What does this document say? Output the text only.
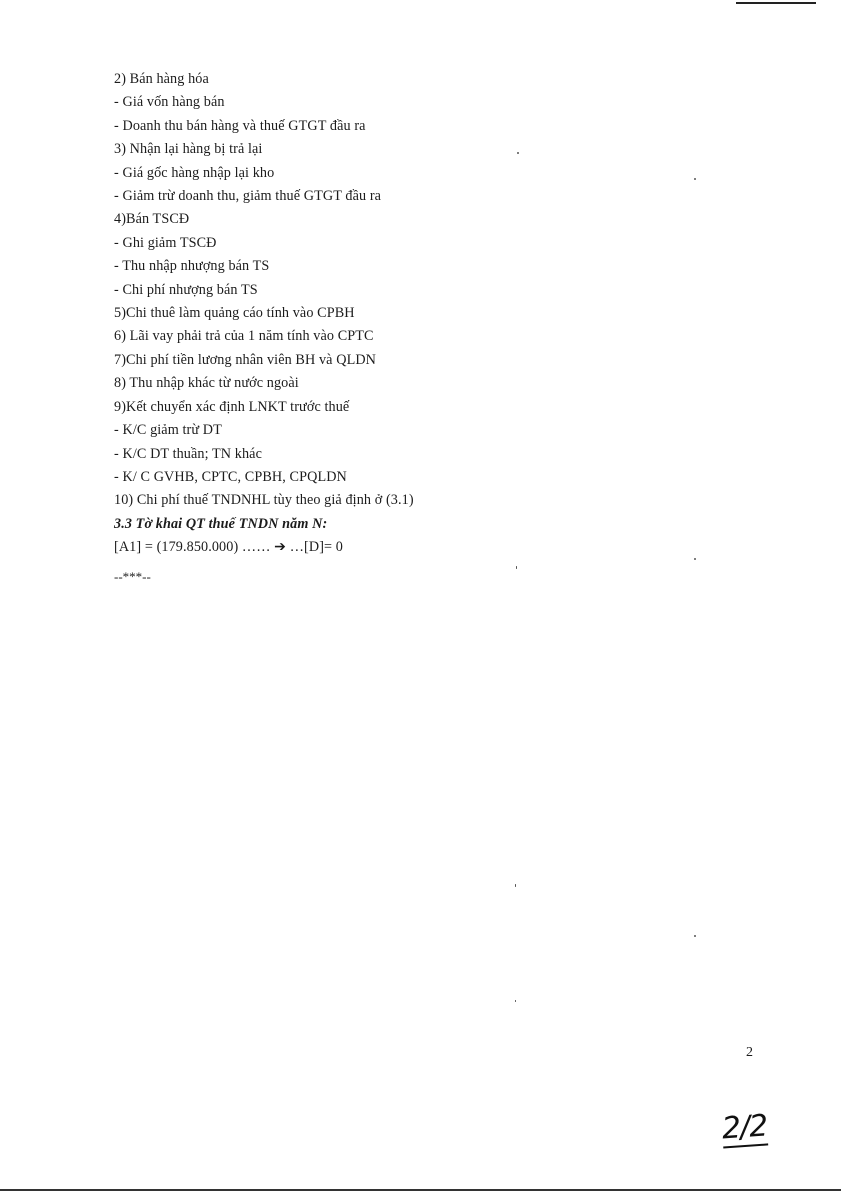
2) Bán hàng hóa
- Giá vốn hàng bán
- Doanh thu bán hàng và thuế GTGT đầu ra
3) Nhận lại hàng bị trả lại
- Giá gốc hàng nhập lại kho
- Giảm trừ doanh thu, giảm thuế GTGT đầu ra
4)Bán TSCĐ
- Ghi giảm TSCĐ
- Thu nhập nhượng bán TS
- Chi phí nhượng bán TS
5)Chi thuê làm quảng cáo tính vào CPBH
6) Lãi vay phải trả của 1 năm tính vào CPTC
7)Chi phí tiền lương nhân viên BH và QLDN
8) Thu nhập khác từ nước ngoài
9)Kết chuyển xác định LNKT trước thuế
- K/C giảm trừ DT
- K/C DT thuần; TN khác
- K/ C GVHB, CPTC, CPBH, CPQLDN
10) Chi phí thuế TNDNHL tùy theo giả định ở (3.1)
3.3 Tờ khai QT thuế TNDN năm N:
[A1] = (179.850.000) …… ➔ …[D]= 0
--***--
2
2/2
